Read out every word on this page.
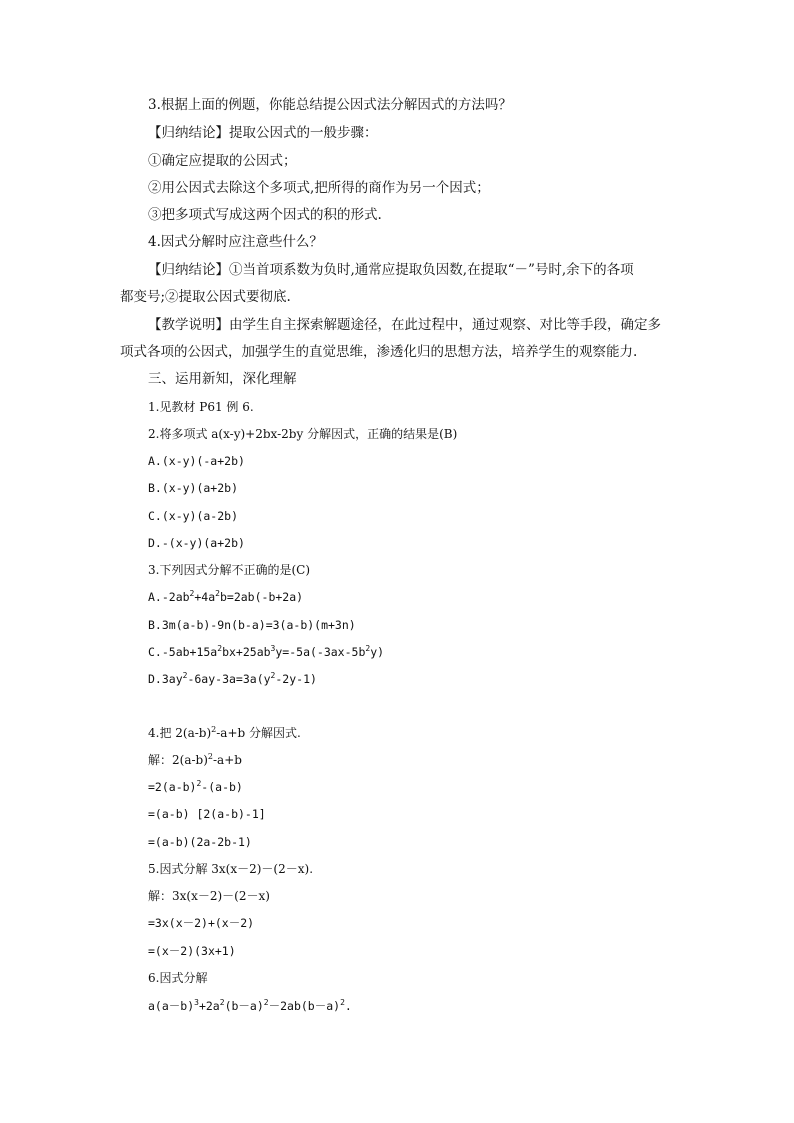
3.根据上面的例题，你能总结提公因式法分解因式的方法吗？
【归纳结论】提取公因式的一般步骤：
①确定应提取的公因式；
②用公因式去除这个多项式,把所得的商作为另一个因式；
③把多项式写成这两个因式的积的形式.
4.因式分解时应注意些什么？
【归纳结论】①当首项系数为负时,通常应提取负因数,在提取“－”号时,余下的各项
都变号;②提取公因式要彻底.
【教学说明】由学生自主探索解题途径，在此过程中，通过观察、对比等手段，确定多
项式各项的公因式，加强学生的直觉思维，渗透化归的思想方法，培养学生的观察能力.
三、运用新知，深化理解
1.见教材 P61 例 6.
2.将多项式 a(x-y)+2bx-2by 分解因式，正确的结果是(B)
A.(x-y)(-a+2b)
B.(x-y)(a+2b)
C.(x-y)(a-2b)
D.-(x-y)(a+2b)
3.下列因式分解不正确的是(C)
$A.-2ab^2+4a^2b=2ab(-b+2a)$
B.3m(a-b)-9n(b-a)=3(a-b)(m+3n)
$C.-5ab+15a^2bx+25ab^3y=-5a(-3ax-5b^2y)$
$D.3ay^2-6ay-3a=3a(y^2-2y-1)$
4.把 $2(a-b)^2-a+b$ 分解因式.
解：$2(a-b)^2-a+b$
$=2(a-b)^2-(a-b)$
=(a-b) [2(a-b)-1]
=(a-b)(2a-2b-1)
5.因式分解 3x(x－2)－(2－x).
解：3x(x－2)－(2－x)
=3x(x－2)+(x－2)
=(x－2)(3x+1)
6.因式分解
$a(a-b)^3+2a^2(b-a)^2-2ab(b-a)^2$.
